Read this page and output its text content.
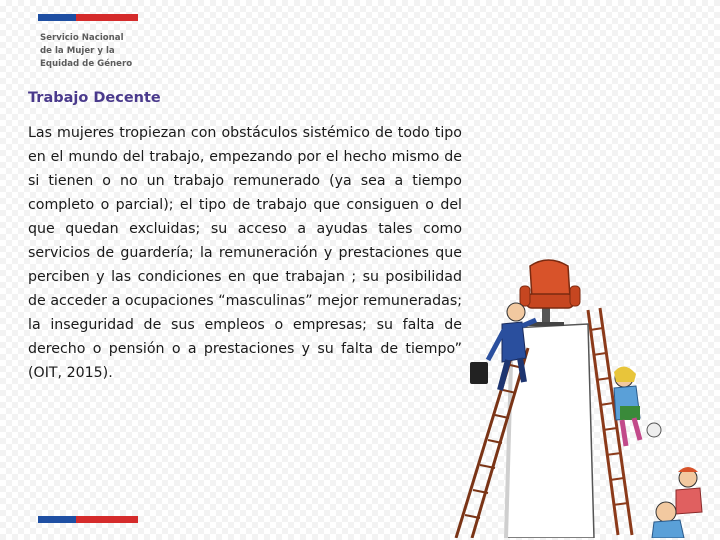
Servicio Nacional
de la Mujer y la
Equidad de Género
Trabajo Decente

Las mujeres tropiezan con obstáculos sistémico de todo tipo en el mundo del trabajo, empezando por el hecho mismo de si tienen o no un trabajo remunerado (ya sea a tiempo completo o parcial); el tipo de trabajo que consiguen o del que quedan excluidas; su acceso a ayudas tales como servicios de guardería; la remuneración y prestaciones que perciben y las condiciones en que trabajan ; su posibilidad de acceder a ocupaciones “masculinas” mejor remuneradas; la inseguridad de sus empleos o empresas; su falta de derecho o pensión o a prestaciones y su falta de tiempo” (OIT, 2015).
